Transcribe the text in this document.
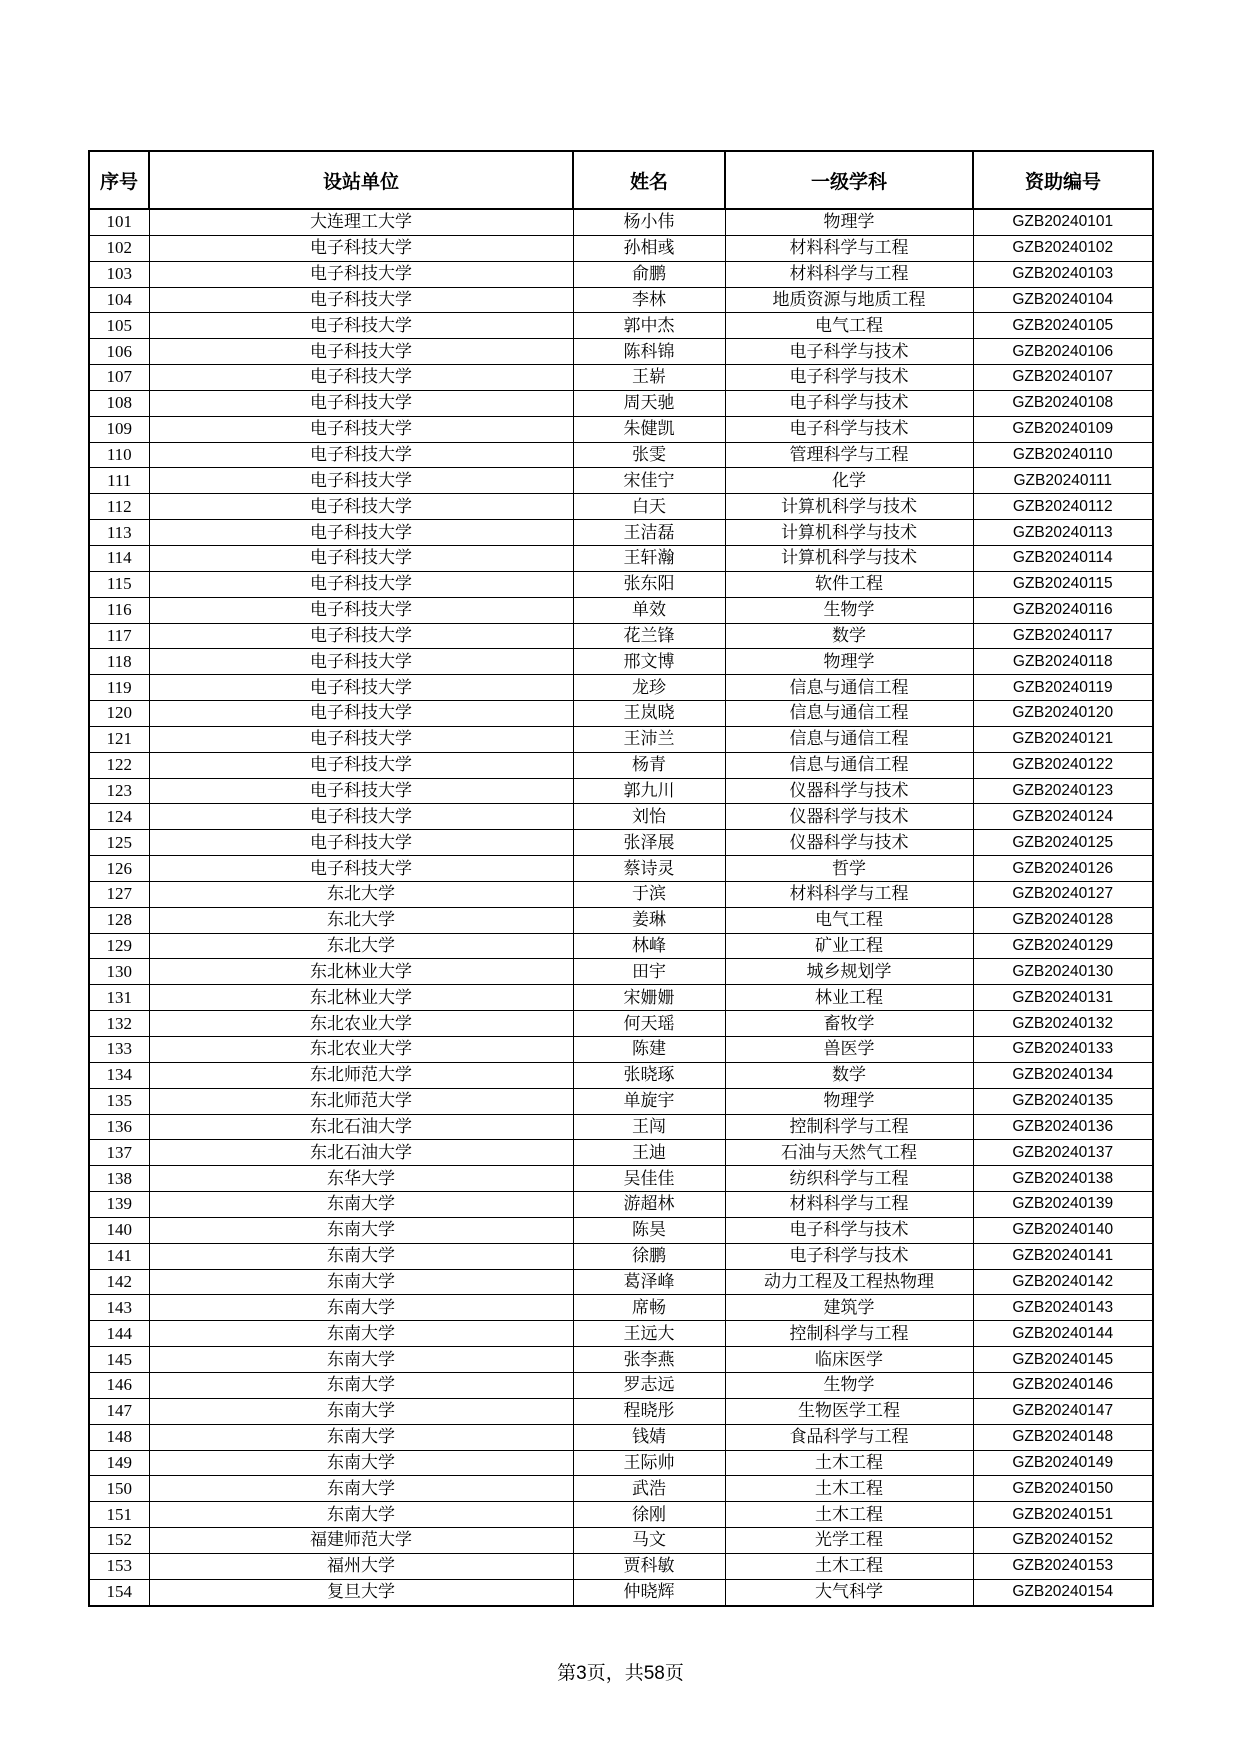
序号	设站单位	姓名	一级学科	资助编号
101	大连理工大学	杨小伟	物理学	GZB20240101
102	电子科技大学	孙相彧	材料科学与工程	GZB20240102
103	电子科技大学	俞鹏	材料科学与工程	GZB20240103
104	电子科技大学	李林	地质资源与地质工程	GZB20240104
105	电子科技大学	郭中杰	电气工程	GZB20240105
106	电子科技大学	陈科锦	电子科学与技术	GZB20240106
107	电子科技大学	王崭	电子科学与技术	GZB20240107
108	电子科技大学	周天驰	电子科学与技术	GZB20240108
109	电子科技大学	朱健凯	电子科学与技术	GZB20240109
110	电子科技大学	张雯	管理科学与工程	GZB20240110
111	电子科技大学	宋佳宁	化学	GZB20240111
112	电子科技大学	白天	计算机科学与技术	GZB20240112
113	电子科技大学	王洁磊	计算机科学与技术	GZB20240113
114	电子科技大学	王轩瀚	计算机科学与技术	GZB20240114
115	电子科技大学	张东阳	软件工程	GZB20240115
116	电子科技大学	单效	生物学	GZB20240116
117	电子科技大学	花兰锋	数学	GZB20240117
118	电子科技大学	邢文博	物理学	GZB20240118
119	电子科技大学	龙珍	信息与通信工程	GZB20240119
120	电子科技大学	王岚晓	信息与通信工程	GZB20240120
121	电子科技大学	王沛兰	信息与通信工程	GZB20240121
122	电子科技大学	杨青	信息与通信工程	GZB20240122
123	电子科技大学	郭九川	仪器科学与技术	GZB20240123
124	电子科技大学	刘怡	仪器科学与技术	GZB20240124
125	电子科技大学	张泽展	仪器科学与技术	GZB20240125
126	电子科技大学	蔡诗灵	哲学	GZB20240126
127	东北大学	于滨	材料科学与工程	GZB20240127
128	东北大学	姜琳	电气工程	GZB20240128
129	东北大学	林峰	矿业工程	GZB20240129
130	东北林业大学	田宇	城乡规划学	GZB20240130
131	东北林业大学	宋姗姗	林业工程	GZB20240131
132	东北农业大学	何天瑶	畜牧学	GZB20240132
133	东北农业大学	陈建	兽医学	GZB20240133
134	东北师范大学	张晓琢	数学	GZB20240134
135	东北师范大学	单旋宇	物理学	GZB20240135
136	东北石油大学	王闯	控制科学与工程	GZB20240136
137	东北石油大学	王迪	石油与天然气工程	GZB20240137
138	东华大学	吴佳佳	纺织科学与工程	GZB20240138
139	东南大学	游超林	材料科学与工程	GZB20240139
140	东南大学	陈昊	电子科学与技术	GZB20240140
141	东南大学	徐鹏	电子科学与技术	GZB20240141
142	东南大学	葛泽峰	动力工程及工程热物理	GZB20240142
143	东南大学	席畅	建筑学	GZB20240143
144	东南大学	王远大	控制科学与工程	GZB20240144
145	东南大学	张李燕	临床医学	GZB20240145
146	东南大学	罗志远	生物学	GZB20240146
147	东南大学	程晓彤	生物医学工程	GZB20240147
148	东南大学	钱婧	食品科学与工程	GZB20240148
149	东南大学	王际帅	土木工程	GZB20240149
150	东南大学	武浩	土木工程	GZB20240150
151	东南大学	徐刚	土木工程	GZB20240151
152	福建师范大学	马文	光学工程	GZB20240152
153	福州大学	贾科敏	土木工程	GZB20240153
154	复旦大学	仲晓辉	大气科学	GZB20240154
第3页，共58页
